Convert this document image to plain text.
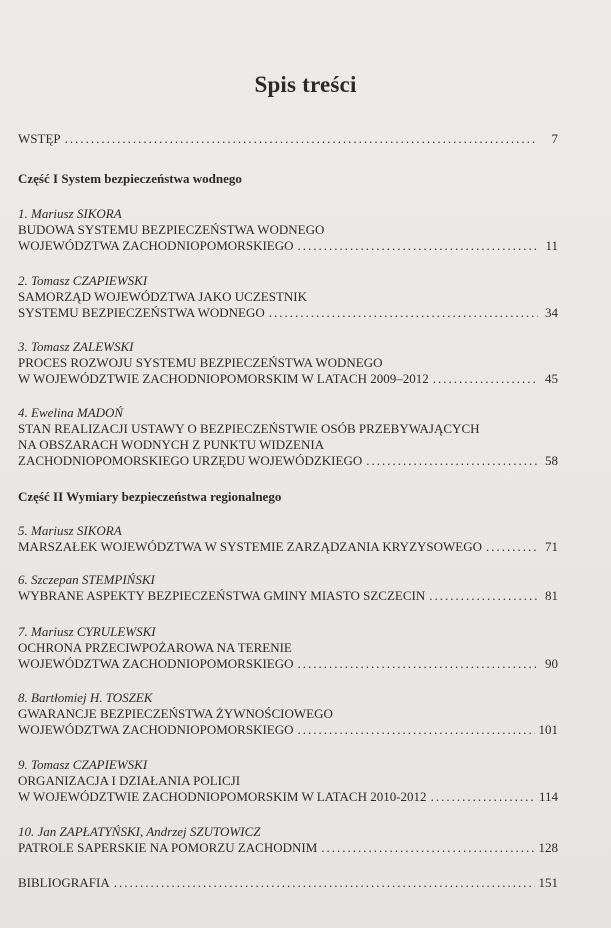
Spis treści
WSTĘP .....	7
Część I System bezpieczeństwa wodnego
1. Mariusz SIKORA
BUDOWA SYSTEMU BEZPIECZEŃSTWA WODNEGO
WOJEWÓDZTWA ZACHODNIOPOMORSKIEGO .....	11
2. Tomasz CZAPIEWSKI
SAMORZĄD WOJEWÓDZTWA JAKO UCZESTNIK
SYSTEMU BEZPIECZEŃSTWA WODNEGO .....	34
3. Tomasz ZALEWSKI
PROCES ROZWOJU SYSTEMU BEZPIECZEŃSTWA WODNEGO
W WOJEWÓDZTWIE ZACHODNIOPOMORSKIM W LATACH 2009–2012 .....	45
4. Ewelina MADOŃ
STAN REALIZACJI USTAWY O BEZPIECZEŃSTWIE OSÓB PRZEBYWAJĄCYCH
NA OBSZARACH WODNYCH Z PUNKTU WIDZENIA
ZACHODNIOPOMORSKIEGO URZĘDU WOJEWÓDZKIEGO .....	58
Część II Wymiary bezpieczeństwa regionalnego
5. Mariusz SIKORA
MARSZAŁEK WOJEWÓDZTWA W SYSTEMIE ZARZĄDZANIA KRYZYSOWEGO .....	71
6. Szczepan STEMPIŃSKI
WYBRANE ASPEKTY BEZPIECZEŃSTWA GMINY MIASTO SZCZECIN .....	81
7. Mariusz CYRULEWSKI
OCHRONA PRZECIWPOŻAROWA NA TERENIE
WOJEWÓDZTWA ZACHODNIOPOMORSKIEGO .....	90
8. Bartłomiej H. TOSZEK
GWARANCJE BEZPIECZEŃSTWA ŻYWNOŚCIOWEGO
WOJEWÓDZTWA ZACHODNIOPOMORSKIEGO .....	101
9. Tomasz CZAPIEWSKI
ORGANIZACJA I DZIAŁANIA POLICJI
W WOJEWÓDZTWIE ZACHODNIOPOMORSKIM W LATACH 2010-2012 .....	114
10. Jan ZAPŁATYŃSKI, Andrzej SZUTOWICZ
PATROLE SAPERSKIE NA POMORZU ZACHODNIM .....	128
BIBLIOGRAFIA .....	151
